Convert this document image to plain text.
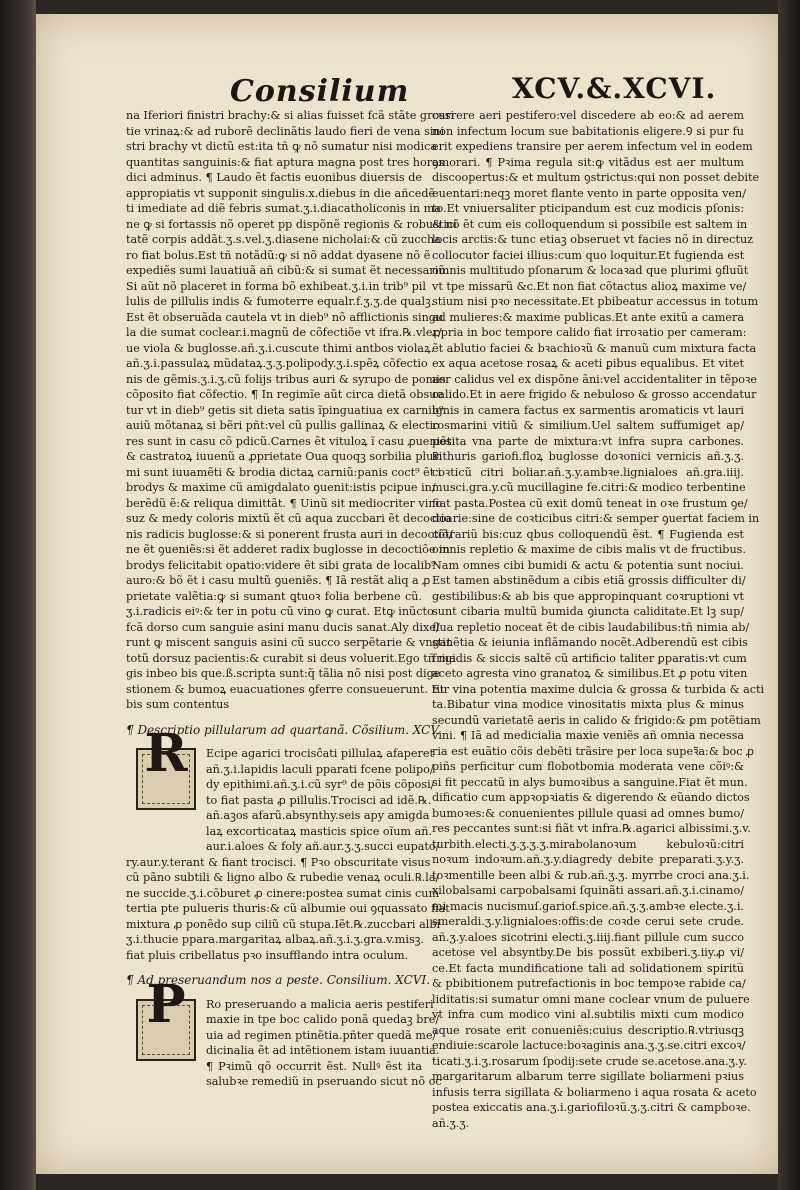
Consilium	XCV.&.XCVI.
na Iferiori finistri brachy:& si alias fuisset fcã stãte grossi
tie vrinaꝝ:& ad ruborẽ declinãtis laudo fieri de vena sini
stri brachy vt dictũ est:ita tñ ꝙ nõ sumatur nisi modica
quantitas sanguinis:& fiat aptura magna post tres horas
dici adminus. ¶ Laudo ẽt factis euonibus diuersis de
appropiatis vt supponit singulis.x.diebus in die añcedẽ
ti imediate ad diẽ febris sumat.ʒ.i.diacatholiconis in ma
ne ꝙ si fortassis nõ operet pp dispõnẽ regionis & robustici
tatẽ corpis addãt.ʒ.s.vel.ʒ.diasene nicholai:& cũ zuccha
ro fiat bolus.Est tñ notãdũ:ꝙ si nõ addat dyasene nõ ẽ
expediẽs sumi lauatiuã añ cibũ:& si sumat ẽt necessariũ.
Si aũt nõ placeret in forma bõ exhibeat.ʒ.i.in trib⁹ pil
lulis de pillulis indis & fumoterre equalr.f.ʒ.ʒ.de qualꝫ.
Est ẽt obseruãda cautela vt in dieb⁹ nõ afflictionis singu
la die sumat coclear.i.magnũ de cõfectiõe vt ifra.℞.vler/
ue viola & buglosse.añ.ʒ.i.cuscute thimi antbos violaꝝ.
añ.ʒ.i.passulaꝝ mũdataꝝ.ʒ.ʒ.polipody.ʒ.i.spẽꝝ cõfectio
nis de gẽmis.ʒ.i.ʒ.cũ folijs tribus auri & syrupo de pomis
cõposito fiat cõfectio. ¶ In regimĩe aũt circa dietã obsue
tur vt in dieb⁹ getis sit dieta satis ĩpinguatiua ex carnib⁹
auiũ mõtanaꝝ si bẽri pñt:vel cũ pullis gallinaꝝ & electio
res sunt in casu cõ pdicũ.Carnes ẽt vituloꝝ ĩ casu ꝓueniẽt
& castratoꝝ iuuenũ a ꝓprietate Oua quoqꝫ sorbilia pluri
mi sunt iuuamẽti & brodia dictaꝝ carniũ:panis coct⁹ ẽt i
brodys & maxime cũ amigdalato ꝯuenit:istis pcipue in/
berẽdũ ẽ:& reliqua dimittãt. ¶ Uinũ sit mediocriter vino
suz & medy coloris mixtũ ẽt cũ aqua zuccbari ẽt decoctio
nis radicis buglosse:& si ponerent frusta auri in decoctiõ/
ne ẽt ꝯueniẽs:si ẽt adderet radix buglosse in decoctiõe in
brodys felicitabit opatio:videre ẽt sibi grata de localib⁹
auro:& bõ ẽt i casu multũ ꝯueniẽs. ¶ Iã restãt aliq a ꝓ
prietate valẽtia:ꝙ si sumant ꝗtuoꝛ folia berbene cũ.
ʒ.i.radicis eiꝰ:& ter in potu cũ vino ꝙ curat. Etꝙ inũcto
fcã dorso cum sanguie asini manu ducis sanat.Aly dixe/
runt ꝙ miscent sanguis asini cũ succo serpẽtarie & vngat
totũ dorsuz pacientis:& curabit si deus voluerit.Ego tñ ma
gis inbeo bis que.ß.scripta sunt:q̃ tãlia nõ nisi post dige
stionem & bumoꝝ euacuationes ꝯferre consueuerunt. Et
bis sum contentus
¶ Descriptio pillularum ad quartanã. Cõsilium. XCV.
R	Ecipe agarici trocisĉati pillulaꝝ afaperet
añ.ʒ.i.lapidis laculi pparati fcene polipo/
dy epithimi.añ.ʒ.i.cũ syr⁹ de põis cõposi/
to fiat pasta ꝓ pillulis.Trocisci ad idẽ.℞.
añ.aꝫos afarũ.absynthy.seis apy amigda
laꝝ excorticataꝝ masticis spice oĩum añ.
aur.i.aloes & foly añ.aur.ʒ.ʒ.succi eupato/
ry.aur.y.terant & fiant trocisci. ¶ Pꝛo obscuritate visus
cũ pãno subtili & ligno albo & rubedie venaꝝ oculi.℞.la/
ne succide.ʒ.i.cõburet ꝓ cinere:postea sumat cinis cum
tertia pte pulueris thuris:& cũ albumie oui ꝯquassato fiat
mixtura ꝓ ponẽdo sup ciliũ cũ stupa.Iẽt.℞.zuccbari albi
ʒ.i.thucie ppara.margaritaꝝ albaꝝ.añ.ʒ.i.ʒ.gra.v.misꝫ.
fiat pluis cribellatus pꝛo insufflando intra oculum.
¶ Ad preseruandum nos a peste. Consilium. XCVI.
P	Ro preseruando a malicia aeris pestiferi
maxie in tpe boc calido ponã quedaꝫ bre/
uia ad regimen ptinẽtia.pñter quedã me/
dicinalia ẽt ad intẽtionem istam iuuantia.
¶ Pꝛimũ qõ occurrit ẽst. Nullꝰ ẽst ita
salubꝛe remediũ in pseruando sicut nõ oc
currere aeri pestifero:vel discedere ab eo:& ad aerem
non infectum locum sue babitationis eligere.Ꝯ si pur fu
erit expediens transire per aerem infectum vel in eodem
ꝯmorari. ¶ Pꝛima regula sit:ꝙ vitãdus est aer multum
discoopertus:& et multum ꝯstrictus:qui non posset debite
euentari:neqꝫ moret flante vento in parte opposita ven/
to.Et vniuersaliter pticipandum est cuz modicis pſonis:
& nõ ẽt cum eis colloquendum si possibile est saltem in
locis arctis:& tunc etiaꝫ obseruet vt facies nõ in directuz
collocutor faciei illius:cum quo loquitur.Et fugienda est
omnis multitudo pſonarum & locaꝛad que plurimi ꝯfluũt
vt tpe missarũ &c.Et non fiat cõtactus alioꝝ maxime ve/
stium nisi pꝛo necessitate.Et pbibeatur accessus in totum
ad mulieres:& maxime publicas.Et ante exitũ a camera
ꝓpria in boc tempore calido fiat irroꝛatio per cameram:
ẽt ablutio faciei & bꝛachioꝛũ & manuũ cum mixtura facta
ex aqua acetose rosaꝝ & aceti ꝑibus equalibus. Et vitet
aer calidus vel ex dispõne ãni:vel accidentaliter in tẽpoꝛe
calido.Et in aere frigido & nebuloso & grosso accendatur
ignis in camera factus ex sarmentis aromaticis vt lauri
rosmarini vitiũ & similium.Uel saltem suffumiget ap/
posita vna parte de mixtura:vt infra supra carbones.
℞.thuris gariofi.floꝝ buglosse doꝛonici vernicis añ.ʒ.ʒ.
coꝛticũ citri boliar.añ.ʒ.y.ambꝛe.lignialoes añ.gra.iiij.
musci.gra.y.cũ mucillagine fe.citri:& modico terbentine
fiat pasta.Postea cũ exit domũ teneat in oꝛe frustum ꝯe/
doarie:sine de coꝛticibus citri:& semper ꝯuertat faciem in
cõtrariũ bis:cuz qbus colloquendũ ẽst. ¶ Fugienda est
omnis repletio & maxime de cibis malis vt de fructibus.
Nam omnes cibi bumidi & actu & potentia sunt nociui.
Est tamen abstinẽdum a cibis etiã grossis difficulter di/
gestibilibus:& ab bis que appropinquant coꝛruptioni vt
sunt cibaria multũ bumida ꝯiuncta caliditate.Et lꝫ sup/
flua repletio noceat ẽt de cibis laudabilibus:tñ nimia ab/
stinẽtia & ieiunia inflãmando nocẽt.Adberendũ est cibis
frigidis & siccis saltẽ cũ artificio taliter ꝑparatis:vt cum
aceto agresta vino granatoꝝ & similibus.Et ꝓ potu viten
tur vina potentia maxime dulcia & grossa & turbida & acti
ta.Bibatur vina modice vinositatis mixta plus & minus
secundũ varietatẽ aeris in calido & frigido:& ꝑm potẽtiam
vini. ¶ Iã ad medicialia maxie veniẽs añ omnia necessa
ria est euãtio cõis debẽti trãsire per loca supeꝛ̃a:& boc ꝓ
piñs perficitur cum flobotbomia moderata vene cõiꝰ:&
si fit peccatũ in alys bumoꝛibus a sanguine.Fiat ẽt mun.
dificatio cum appꝛopꝛiatis & digerendo & eũando dictos
bumoꝛes:& conuenientes pillule quasi ad omnes bumo/
res peccantes sunt:si fiãt vt infra.℞.agarici albissimi.ʒ.v.
turbith.electi.ʒ.ʒ.ʒ.ʒ.mirabolanoꝛum kebuloꝛũ:citri
noꝛum indoꝛum.añ.ʒ.y.diagredy debite preparati.ʒ.y.ʒ.
toꝛmentille been albi & rub.añ.ʒ.ʒ. myrrbe croci ana.ʒ.i.
xilobalsami carpobalsami ſquinãti assari.añ.ʒ.i.cinamo/
mi macis nucismuſ.gariof.spice.añ.ʒ.ʒ.ambꝛe electe.ʒ.i.
smeraldi.ʒ.y.lignialoes:offis:de coꝛde cerui sete crude.
añ.ʒ.y.aloes sicotrini electi.ʒ.iiij.fiant pillule cum succo
acetose vel absyntby.De bis possũt exbiberi.ʒ.iiy.ꝓ vi/
ce.Et facta mundificatione tali ad solidationem spiritu̅
& pbibitionem putrefactionis in boc tempoꝛe rabide ca/
liditatis:si sumatur omni mane coclear vnum de puluere
vt infra cum modico vini al.subtilis mixti cum modico
aque rosate erit conueniẽs:cuius descriptio.℞.vtriusqꝫ
endiuie:scarole lactuce:boꝛaginis ana.ʒ.ʒ.se.citri excoꝛ/
ticati.ʒ.i.ʒ.rosarum ſpodij:sete crude se.acetose.ana.ʒ.y.
margaritarum albarum terre sigillate boliarmeni pꝛius
infusis terra sigillata & boliarmeno i aqua rosata & aceto
postea exiccatis ana.ʒ.i.gariofiloꝛũ.ʒ.ʒ.citri & campboꝛe.
añ.ʒ.ʒ.
